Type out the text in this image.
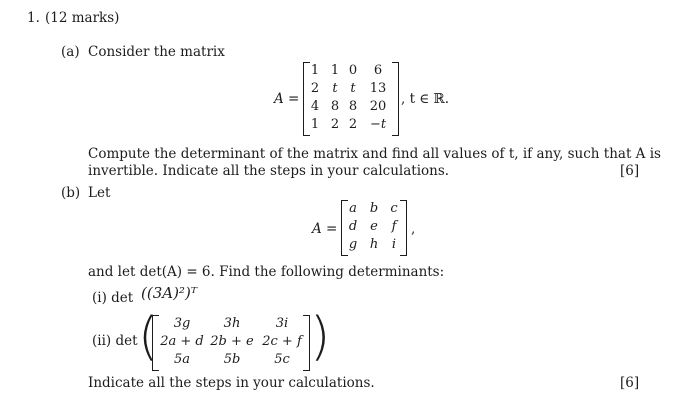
1. (12 marks)
(a) Consider the matrix
A =
1 1 0	6
2	t t	13
4 8 8 20
1 2 2 −t
, t ∈ ℝ.
Compute the determinant of the matrix and find all values of t, if any, such that A is
invertible. Indicate all the steps in your calculations.	[6]
(b) Let
A =
a b c
d e	f
g h	i
,
and let det(A) = 6. Find the following determinants:
(i) det ((3A)²)ᵀ
(ii) det (	3g	3h	3i
2a + d 2b + e 2c + f
5a	5b	5c )
Indicate all the steps in your calculations.	[6]
